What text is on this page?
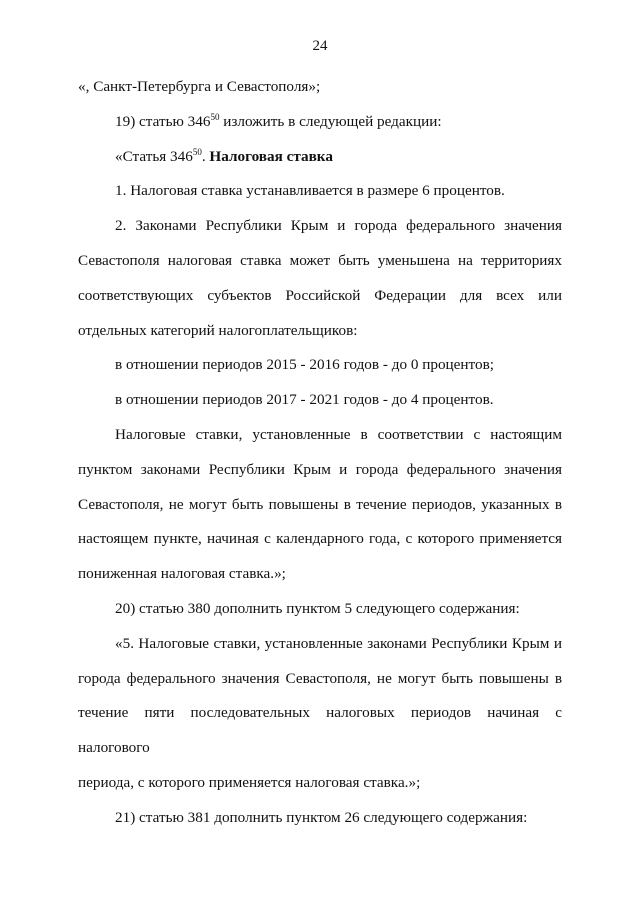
24

«, Санкт-Петербурга и Севастополя»;

19) статью $346^{50}$ изложить в следующей редакции:

«Статья $346^{50}$. Налоговая ставка

1. Налоговая ставка устанавливается в размере 6 процентов.

2. Законами Республики Крым и города федерального значения

Севастополя налоговая ставка может быть уменьшена на территориях

соответствующих субъектов Российской Федерации для всех или

отдельных категорий налогоплательщиков:

в отношении периодов 2015 - 2016 годов - до 0 процентов;

в отношении периодов 2017 - 2021 годов - до 4 процентов.

Налоговые ставки, установленные в соответствии с настоящим

пунктом законами Республики Крым и города федерального значения

Севастополя, не могут быть повышены в течение периодов, указанных в

настоящем пункте, начиная с календарного года, с которого применяется

пониженная налоговая ставка.»;

20) статью 380 дополнить пунктом 5 следующего содержания:

«5. Налоговые ставки, установленные законами Республики Крым и

города федерального значения Севастополя, не могут быть повышены в

течение пяти последовательных налоговых периодов начиная с налогового

периода, с которого применяется налоговая ставка.»;

21) статью 381 дополнить пунктом 26 следующего содержания:
